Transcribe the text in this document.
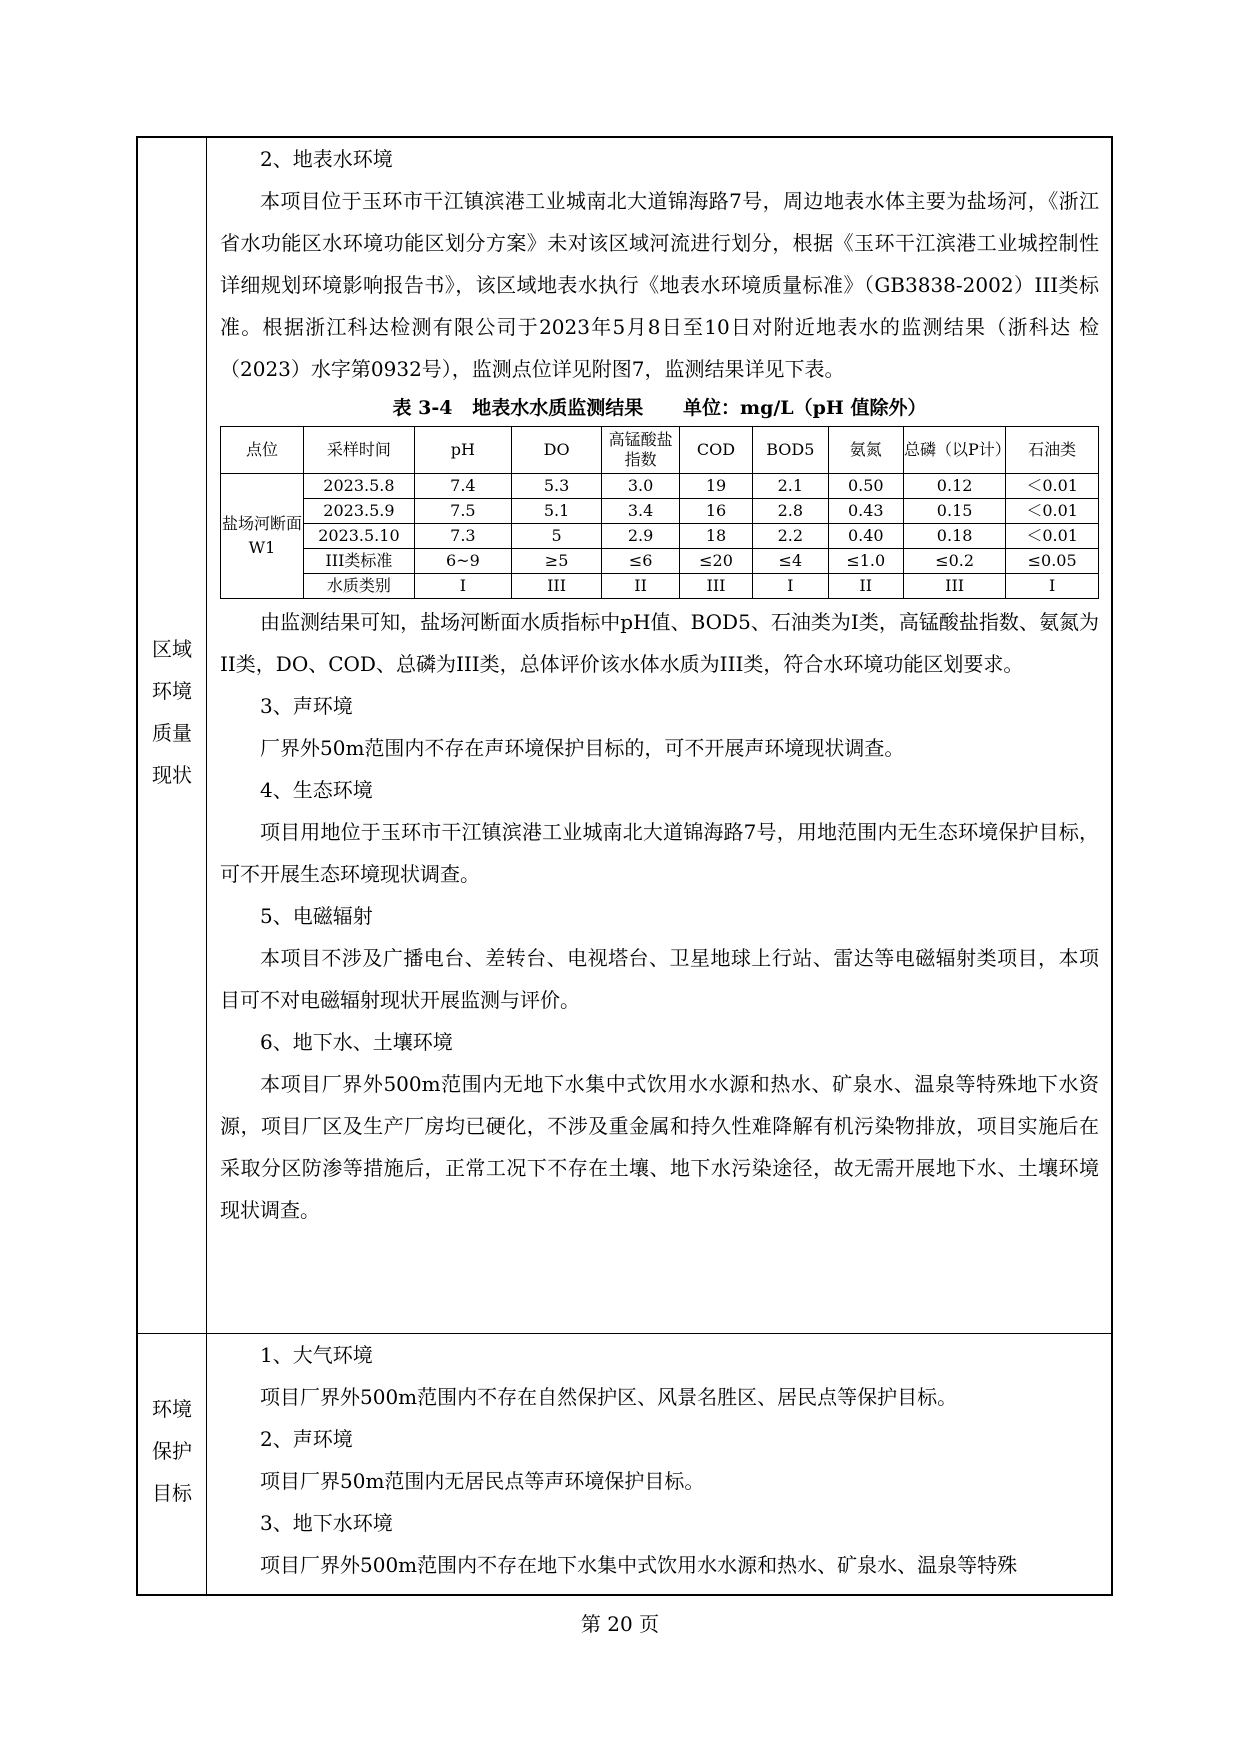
区域
环境
质量
现状

2、地表水环境

本项目位于玉环市干江镇滨港工业城南北大道锦海路7号，周边地表水体主要为盐场河，《浙江省水功能区水环境功能区划分方案》未对该区域河流进行划分，根据《玉环干江滨港工业城控制性详细规划环境影响报告书》，该区域地表水执行《地表水环境质量标准》（GB3838-2002）III类标准。根据浙江科达检测有限公司于2023年5月8日至10日对附近地表水的监测结果（浙科达 检（2023）水字第0932号），监测点位详见附图7，监测结果详见下表。

表 3-4   地表水水质监测结果      单位：mg/L（pH 值除外）
点位	采样时间	pH	DO	高锰酸盐指数	COD	BOD5	氨氮	总磷（以P计）	石油类
盐场河断面 W1	2023.5.8	7.4	5.3	3.0	19	2.1	0.50	0.12	＜0.01
	2023.5.9	7.5	5.1	3.4	16	2.8	0.43	0.15	＜0.01
	2023.5.10	7.3	5	2.9	18	2.2	0.40	0.18	＜0.01
	III类标准	6~9	≥5	≤6	≤20	≤4	≤1.0	≤0.2	≤0.05
	水质类别	I	III	II	III	I	II	III	I

由监测结果可知，盐场河断面水质指标中pH值、BOD5、石油类为I类，高锰酸盐指数、氨氮为II类，DO、COD、总磷为III类，总体评价该水体水质为III类，符合水环境功能区划要求。

3、声环境

厂界外50m范围内不存在声环境保护目标的，可不开展声环境现状调查。

4、生态环境

项目用地位于玉环市干江镇滨港工业城南北大道锦海路7号，用地范围内无生态环境保护目标，可不开展生态环境现状调查。

5、电磁辐射

本项目不涉及广播电台、差转台、电视塔台、卫星地球上行站、雷达等电磁辐射类项目，本项目可不对电磁辐射现状开展监测与评价。

6、地下水、土壤环境

本项目厂界外500m范围内无地下水集中式饮用水水源和热水、矿泉水、温泉等特殊地下水资源，项目厂区及生产厂房均已硬化，不涉及重金属和持久性难降解有机污染物排放，项目实施后在采取分区防渗等措施后，正常工况下不存在土壤、地下水污染途径，故无需开展地下水、土壤环境现状调查。

环境
保护
目标

1、大气环境

项目厂界外500m范围内不存在自然保护区、风景名胜区、居民点等保护目标。

2、声环境

项目厂界50m范围内无居民点等声环境保护目标。

3、地下水环境

项目厂界外500m范围内不存在地下水集中式饮用水水源和热水、矿泉水、温泉等特殊

第 20 页
